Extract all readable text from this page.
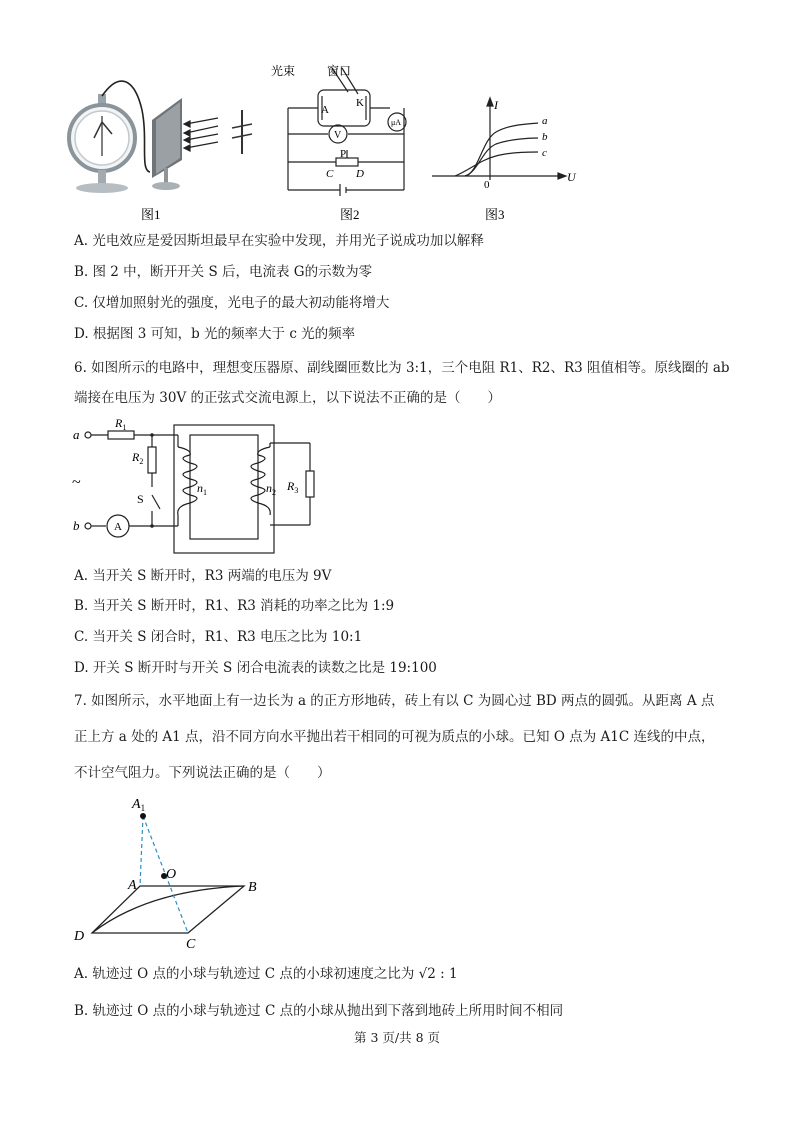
图1
光束	窗口
A
K
V
μA
P
C D
图2
I
U
0
a
b
c
图3
A. 光电效应是爱因斯坦最早在实验中发现，并用光子说成功加以解释
B. 图 2 中，断开开关 S 后，电流表 G的示数为零
C. 仅增加照射光的强度，光电子的最大初动能将增大
D. 根据图 3 可知，b 光的频率大于 c 光的频率
6. 如图所示的电路中，理想变压器原、副线圈匝数比为 3:1，三个电阻 R1、R2、R3 阻值相等。原线圈的 ab
端接在电压为 30V 的正弦式交流电源上，以下说法不正确的是（　　）
a
b
~
$R_1$
$R_2$
$R_3$
$n_1$	$n_2$
S
A
A. 当开关 S 断开时，R3 两端的电压为 9V
B. 当开关 S 断开时，R1、R3 消耗的功率之比为 1:9
C. 当开关 S 闭合时，R1、R3 电压之比为 10:1
D. 开关 S 断开时与开关 S 闭合电流表的读数之比是 19:100
7. 如图所示，水平地面上有一边长为 a 的正方形地砖，砖上有以 C 为圆心过 BD 两点的圆弧。从距离 A 点
正上方 a 处的 A1 点，沿不同方向水平抛出若干相同的可视为质点的小球。已知 O 点为 A1C 连线的中点，
不计空气阻力。下列说法正确的是（　　）
$A_1$
O
A	B
C
D
A. 轨迹过 O 点的小球与轨迹过 C 点的小球初速度之比为 √2 : 1
B. 轨迹过 O 点的小球与轨迹过 C 点的小球从抛出到下落到地砖上所用时间不相同
第 3 页/共 8 页
